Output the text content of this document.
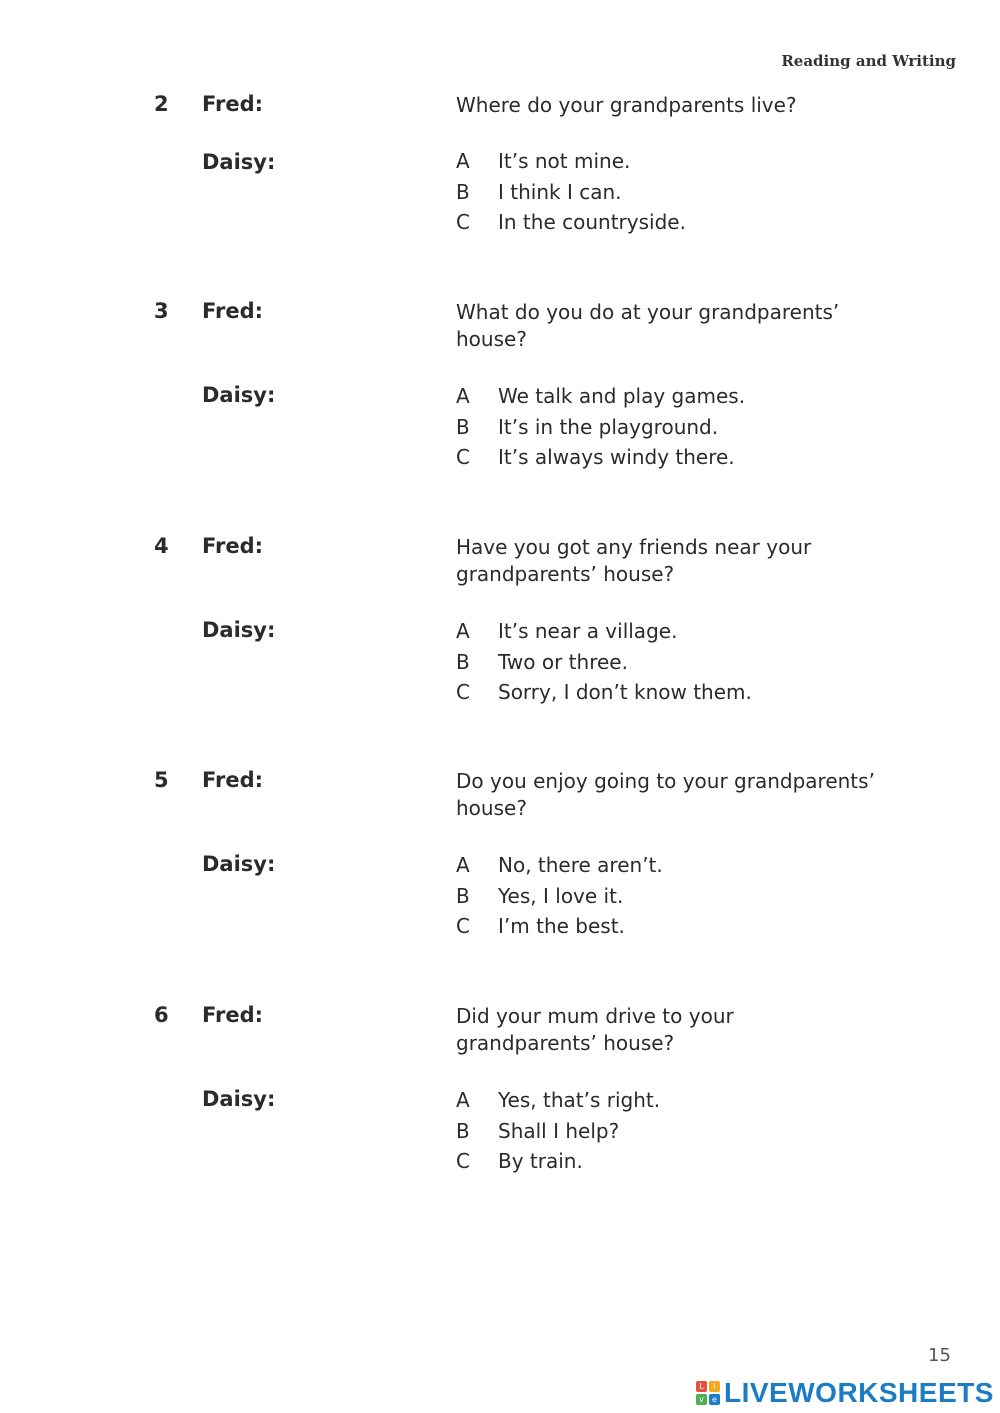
Reading and Writing
2 Fred:	Where do your grandparents live?
Daisy:	A It’s not mine.
B I think I can.
C In the countryside.
3 Fred:	What do you do at your grandparents’ house?
Daisy:	A We talk and play games.
B It’s in the playground.
C It’s always windy there.
4 Fred:	Have you got any friends near your grandparents’ house?
Daisy:	A It’s near a village.
B Two or three.
C Sorry, I don’t know them.
5 Fred:	Do you enjoy going to your grandparents’ house?
Daisy:	A No, there aren’t.
B Yes, I love it.
C I’m the best.
6 Fred:	Did your mum drive to your grandparents’ house?
Daisy:	A Yes, that’s right.
B Shall I help?
C By train.
15
L	i
v	e LIVEWORKSHEETS
